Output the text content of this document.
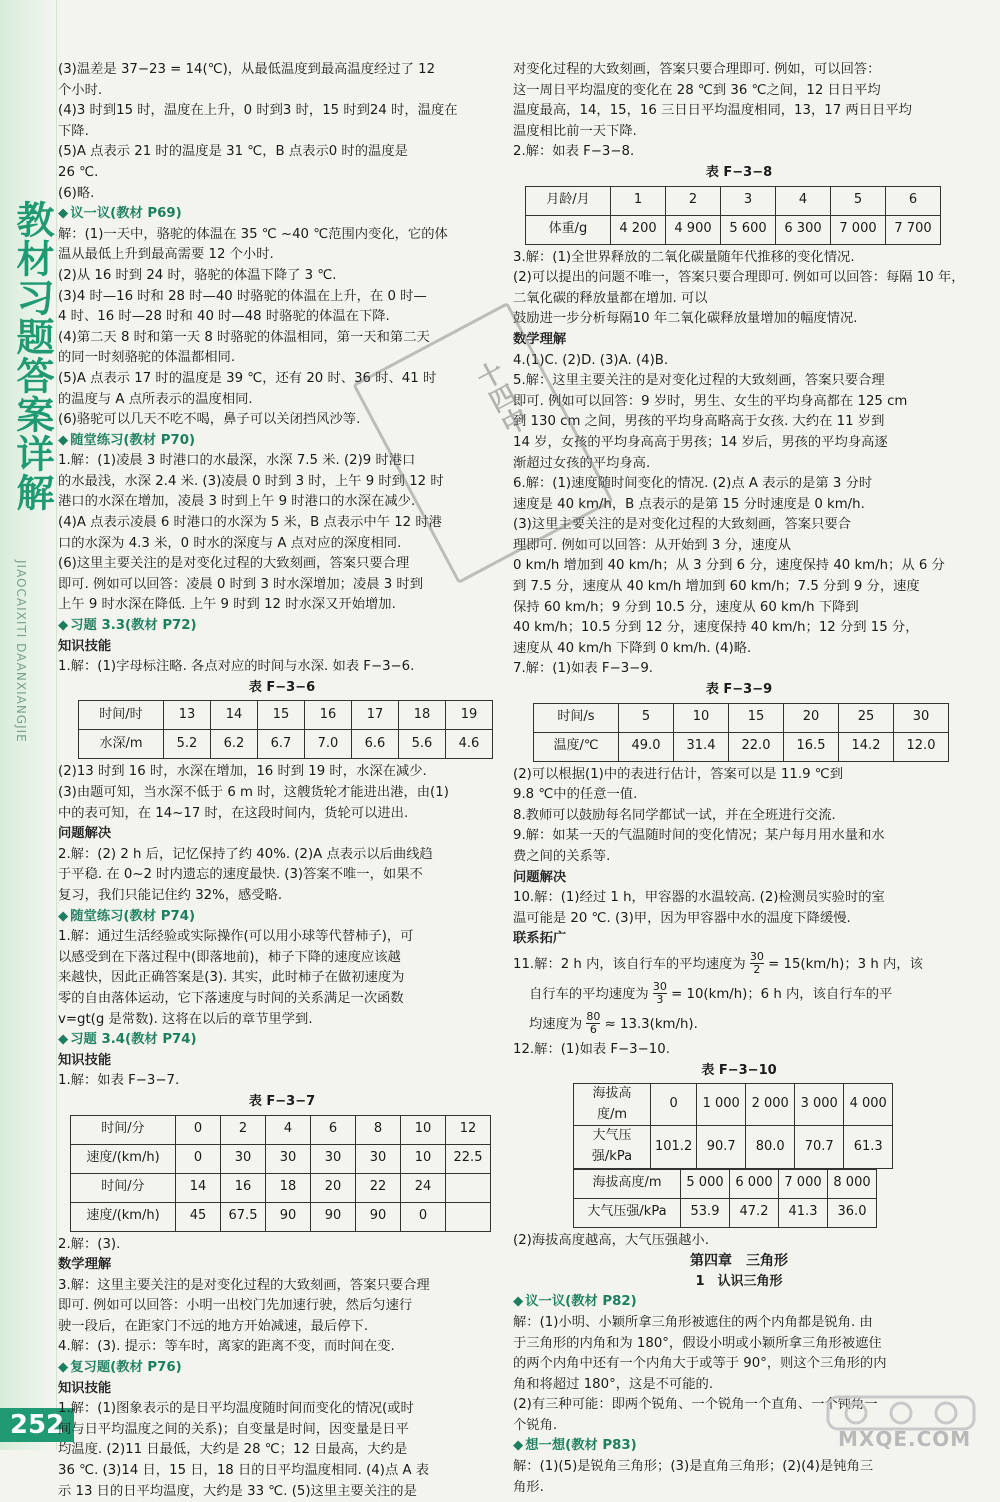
教材习题答案详解
JIAOCAIXITI DAANXIANGJIE
252

(3)温差是 37−23 = 14(℃)，从最低温度到最高温度经过了 12

个小时.

(4)3 时到15 时，温度在上升，0 时到3 时，15 时到24 时，温度在

下降.

(5)A 点表示 21 时的温度是 31 ℃，B 点表示0 时的温度是

26 ℃.

(6)略.

◆ 议一议(教材 P69)

解：(1)一天中，骆驼的体温在 35 ℃ ~40 ℃范围内变化，它的体

温从最低上升到最高需要 12 个小时.

(2)从 16 时到 24 时，骆驼的体温下降了 3 ℃.

(3)4 时—16 时和 28 时—40 时骆驼的体温在上升，在 0 时—

4 时、16 时—28 时和 40 时—48 时骆驼的体温在下降.

(4)第二天 8 时和第一天 8 时骆驼的体温相同，第一天和第二天

的同一时刻骆驼的体温都相同.

(5)A 点表示 17 时的温度是 39 ℃，还有 20 时、36 时、41 时

的温度与 A 点所表示的温度相同.

(6)骆驼可以几天不吃不喝，鼻子可以关闭挡风沙等.

◆ 随堂练习(教材 P70)

1.解：(1)凌晨 3 时港口的水最深，水深 7.5 米. (2)9 时港口

的水最浅，水深 2.4 米. (3)凌晨 0 时到 3 时，上午 9 时到 12 时

港口的水深在增加，凌晨 3 时到上午 9 时港口的水深在减少.

(4)A 点表示凌晨 6 时港口的水深为 5 米，B 点表示中午 12 时港

口的水深为 4.3 米，0 时水的深度与 A 点对应的深度相同.

(6)这里主要关注的是对变化过程的大致刻画，答案只要合理

即可. 例如可以回答：凌晨 0 时到 3 时水深增加；凌晨 3 时到

上午 9 时水深在降低. 上午 9 时到 12 时水深又开始增加.

◆ 习题 3.3(教材 P72)

知识技能

1.解：(1)字母标注略. 各点对应的时间与水深. 如表 F−3−6.

表 F−3−6

时间/时	13	14	15	16	17	18	19
水深/m	5.2	6.2	6.7	7.0	6.6	5.6	4.6

(2)13 时到 16 时，水深在增加，16 时到 19 时，水深在减少.

(3)由题可知，当水深不低于 6 m 时，这艘货轮才能进出港，由(1)

中的表可知，在 14~17 时，在这段时间内，货轮可以进出.

问题解决

2.解：(2) 2 h 后，记忆保持了约 40%. (2)A 点表示以后曲线趋

于平稳. 在 0~2 时内遗忘的速度最快. (3)答案不唯一，如果不

复习，我们只能记住约 32%，感受略.

◆ 随堂练习(教材 P74)

1.解：通过生活经验或实际操作(可以用小球等代替柿子)，可

以感受到在下落过程中(即落地前)，柿子下降的速度应该越

来越快，因此正确答案是(3). 其实，此时柿子在做初速度为

零的自由落体运动，它下落速度与时间的关系满足一次函数

v=gt(g 是常数). 这将在以后的章节里学到.

◆ 习题 3.4(教材 P74)

知识技能

1.解：如表 F−3−7.

表 F−3−7

时间/分	0	2	4	6	8	10	12
速度/(km/h)	0	30	30	30	30	10	22.5
时间/分	14	16	18	20	22	24	
速度/(km/h)	45	67.5	90	90	90	0	

2.解：(3).

数学理解

3.解：这里主要关注的是对变化过程的大致刻画，答案只要合理

即可. 例如可以回答：小明一出校门先加速行驶，然后匀速行

驶一段后，在距家门不远的地方开始减速，最后停下.

4.解：(3). 提示：等车时，离家的距离不变，而时间在变.

◆ 复习题(教材 P76)

知识技能

1.解：(1)图象表示的是日平均温度随时间而变化的情况(或时

间与日平均温度之间的关系)；自变量是时间，因变量是日平

均温度. (2)11 日最低，大约是 28 ℃；12 日最高，大约是

36 ℃. (3)14 日，15 日，18 日的日平均温度相同. (4)点 A 表

示 13 日的日平均温度，大约是 33 ℃. (5)这里主要关注的是

对变化过程的大致刻画，答案只要合理即可. 例如，可以回答：

这一周日平均温度的变化在 28 ℃到 36 ℃之间，12 日日平均

温度最高，14，15，16 三日日平均温度相同，13，17 两日日平均

温度相比前一天下降.

2.解：如表 F−3−8.

表 F−3−8

月龄/月	1	2	3	4	5	6
体重/g	4 200	4 900	5 600	6 300	7 000	7 700

3.解：(1)全世界释放的二氧化碳量随年代推移的变化情况.

(2)可以提出的问题不唯一，答案只要合理即可. 例如可以回答：每隔 10 年，二氧化碳的释放量都在增加. 可以

鼓励进一步分析每隔10 年二氧化碳释放量增加的幅度情况.

数学理解

4.(1)C. (2)D. (3)A. (4)B.

5.解：这里主要关注的是对变化过程的大致刻画，答案只要合理

即可. 例如可以回答：9 岁时，男生、女生的平均身高都在 125 cm

到 130 cm 之间，男孩的平均身高略高于女孩. 大约在 11 岁到

14 岁，女孩的平均身高高于男孩；14 岁后，男孩的平均身高逐

渐超过女孩的平均身高.

6.解：(1)速度随时间变化的情况. (2)点 A 表示的是第 3 分时

速度是 40 km/h，B 点表示的是第 15 分时速度是 0 km/h.

(3)这里主要关注的是对变化过程的大致刻画，答案只要合

理即可. 例如可以回答：从开始到 3 分，速度从

0 km/h 增加到 40 km/h；从 3 分到 6 分，速度保持 40 km/h；从 6 分

到 7.5 分，速度从 40 km/h 增加到 60 km/h；7.5 分到 9 分，速度

保持 60 km/h；9 分到 10.5 分，速度从 60 km/h 下降到

40 km/h；10.5 分到 12 分，速度保持 40 km/h；12 分到 15 分，

速度从 40 km/h 下降到 0 km/h. (4)略.

7.解：(1)如表 F−3−9.

表 F−3−9

时间/s	5	10	15	20	25	30
温度/℃	49.0	31.4	22.0	16.5	14.2	12.0

(2)可以根据(1)中的表进行估计，答案可以是 11.9 ℃到

9.8 ℃中的任意一值.

8.教师可以鼓励每名同学都试一试，并在全班进行交流.

9.解：如某一天的气温随时间的变化情况；某户每月用水量和水

费之间的关系等.

问题解决

10.解：(1)经过 1 h，甲容器的水温较高. (2)检测员实验时的室

温可能是 20 ℃. (3)甲，因为甲容器中水的温度下降缓慢.

联系拓广

11.解：2 h 内，该自行车的平均速度为 $\frac{30}{2} = 15(km/h)$；3 h 内，该

自行车的平均速度为 $\frac{30}{3} = 10(km/h)$；6 h 内，该自行车的平

均速度为 $\frac{80}{6} \approx 13.3(km/h)$.

12.解：(1)如表 F−3−10.

表 F−3−10

海拔高度/m	0	1 000	2 000	3 000	4 000
大气压强/kPa	101.2	90.7	80.0	70.7	61.3
海拔高度/m	5 000	6 000	7 000	8 000
大气压强/kPa	53.9	47.2	41.3	36.0

(2)海拔高度越高，大气压强越小.

第四章　三角形

1　认识三角形

◆ 议一议(教材 P82)

解：(1)小明、小颖所拿三角形被遮住的两个内角都是锐角. 由

于三角形的内角和为 180°，假设小明或小颖所拿三角形被遮住

的两个内角中还有一个内角大于或等于 90°，则这个三角形的内

角和将超过 180°，这是不可能的.

(2)有三种可能：即两个锐角、一个锐角一个直角、一个钝角一

个锐角.

◆ 想一想(教材 P83)

解：(1)(5)是锐角三角形；(3)是直角三角形；(2)(4)是钝角三

角形.

十四中
MXQE.COM
